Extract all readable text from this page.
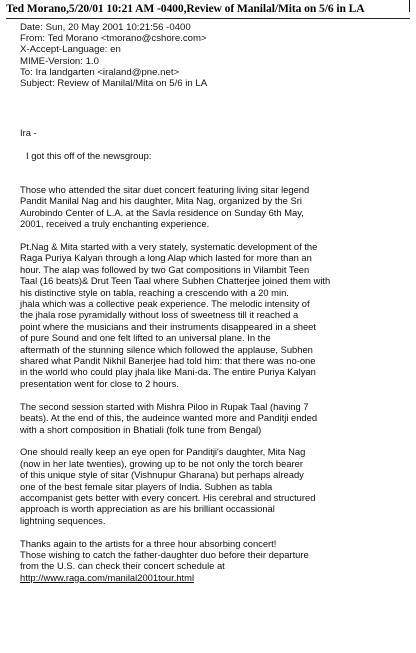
Ted Morano,5/20/01 10:21 AM -0400,Review of Manilal/Mita on 5/6 in LA
Date: Sun, 20 May 2001 10:21:56 -0400
From: Ted Morano <tmorano@cshore.com>
X-Accept-Language: en
MIME-Version: 1.0
To: Ira landgarten <iraland@pne.net>
Subject: Review of Manilal/Mita on 5/6 in LA

Ira -

I got this off of the newsgroup:

Those who attended the sitar duet concert featuring living sitar legend
Pandit Manilal Nag and his daughter, Mita Nag, organized by the Sri
Aurobindo Center of L.A. at the Savla residence on Sunday 6th May,
2001, received a truly enchanting experience.

Pt.Nag & Mita started with a very stately, systematic development of the
Raga Puriya Kalyan through a long Alap which lasted for more than an
hour. The alap was followed by two Gat compositions in Vilambit Teen
Taal (16 beats)& Drut Teen Taal where Subhen Chatterjee joined them with
his distinctive style on tabla, reaching a crescendo with a 20 min.
jhala which was a collective peak experience. The melodic intensity of
the jhala rose pyramidally without loss of sweetness till it reached a
point where the musicians and their instruments disappeared in a sheet
of pure Sound and one felt lifted to an universal plane. In the
aftermath of the stunning silence which followed the applause, Subhen
shared what Pandit Nikhil Banerjee had told him: that there was no-one
in the world who could play jhala like Mani-da. The entire Puriya Kalyan
presentation went for close to 2 hours.

The second session started with Mishra Piloo in Rupak Taal (having 7
beats). At the end of this, the audeince wanted more and Panditji ended
with a short composition in Bhatiali (folk tune from Bengal)

One should really keep an eye open for Panditji's daughter, Mita Nag
(now in her late twenties), growing up to be not only the torch bearer
of this unique style of sitar (Vishnupur Gharana) but perhaps already
one of the best female sitar players of India. Subhen as tabla
accompanist gets better with every concert. His cerebral and structured
approach is worth appreciation as are his brilliant occassional
lightning sequences.

Thanks again to the artists for a three hour absorbing concert!
Those wishing to catch the father-daughter duo before their departure
from the U.S. can check their concert schedule at
http://www.raga.com/manilal2001tour.html
